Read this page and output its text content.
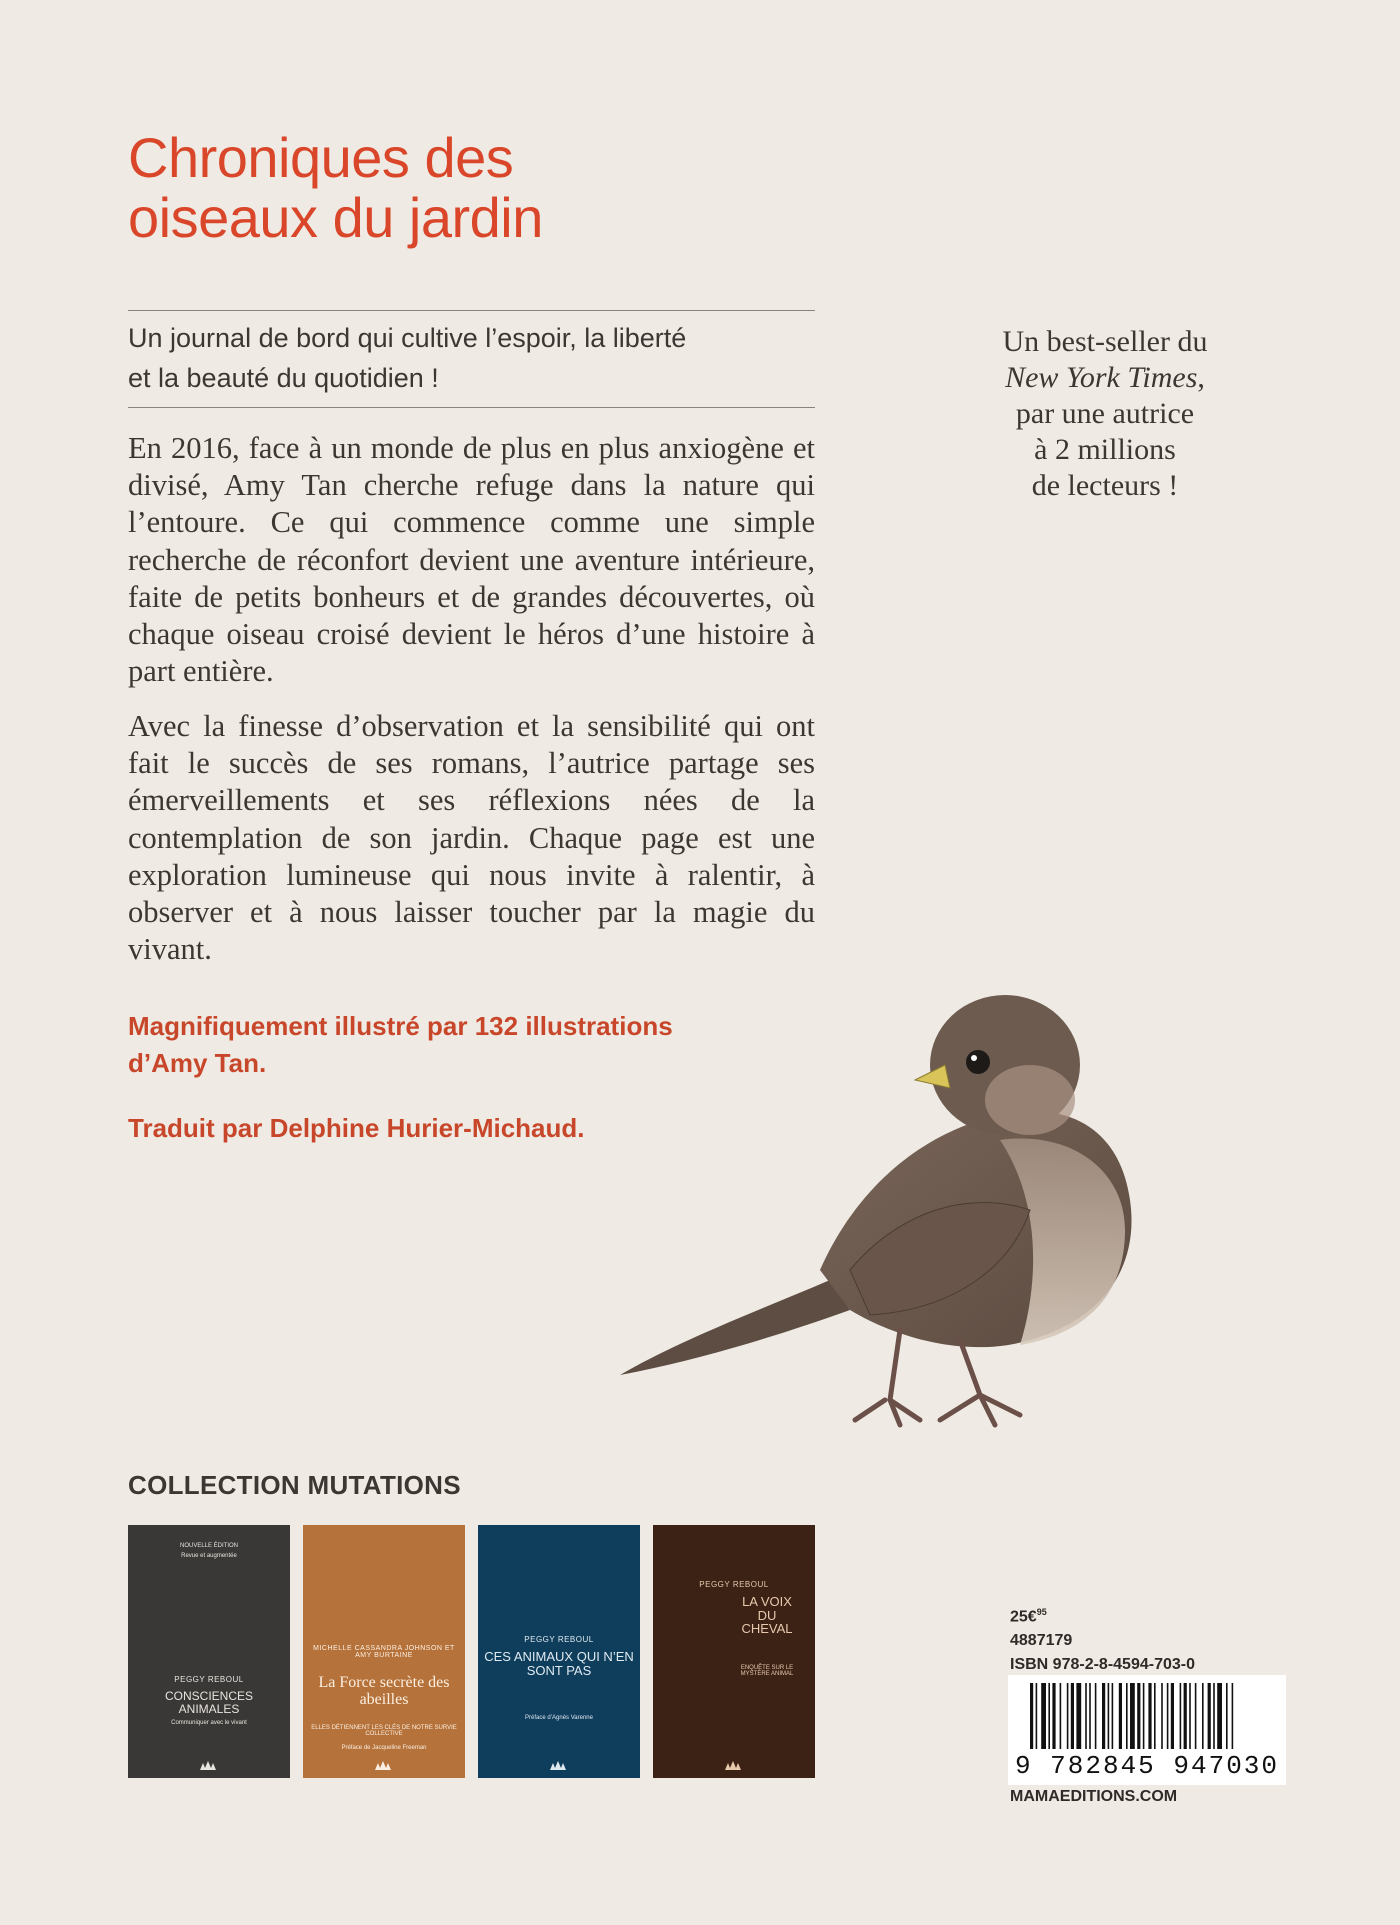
Chroniques des
oiseaux du jardin
Un journal de bord qui cultive l’espoir, la liberté
et la beauté du quotidien !

En 2016, face à un monde de plus en plus anxiogène et divisé, Amy Tan cherche refuge dans la nature qui l’entoure. Ce qui commence comme une simple recherche de réconfort devient une aventure intérieure, faite de petits bonheurs et de grandes découvertes, où chaque oiseau croisé devient le héros d’une histoire à part entière.

Avec la finesse d’observation et la sensibilité qui ont fait le succès de ses romans, l’autrice partage ses émerveillements et ses réflexions nées de la contemplation de son jardin. Chaque page est une exploration lumineuse qui nous invite à ralentir, à observer et à nous laisser toucher par la magie du vivant.

Magnifiquement illustré par 132 illustrations
d’Amy Tan.
Traduit par Delphine Hurier-Michaud.
Un best-seller du
New York Times,
par une autrice
à 2 millions
de lecteurs !
COLLECTION MUTATIONS
NOUVELLE ÉDITION
Revue et augmentée
PEGGY REBOUL
CONSCIENCES ANIMALES
Communiquer avec le vivant
MICHELLE CASSANDRA JOHNSON ET AMY BURTAINE
La Force secrète des abeilles
ELLES DÉTIENNENT LES CLÉS DE NOTRE SURVIE COLLECTIVE
Préface de Jacqueline Freeman
PEGGY REBOUL
CES ANIMAUX QUI N’EN SONT PAS
Préface d’Agnès Varenne
PEGGY REBOUL
LA VOIX DU CHEVAL
ENQUÊTE SUR LE MYSTÈRE ANIMAL
25€$^{95}$
4887179
ISBN 978-2-8-4594-703-0
9 782845 947030
MAMAEDITIONS.COM
